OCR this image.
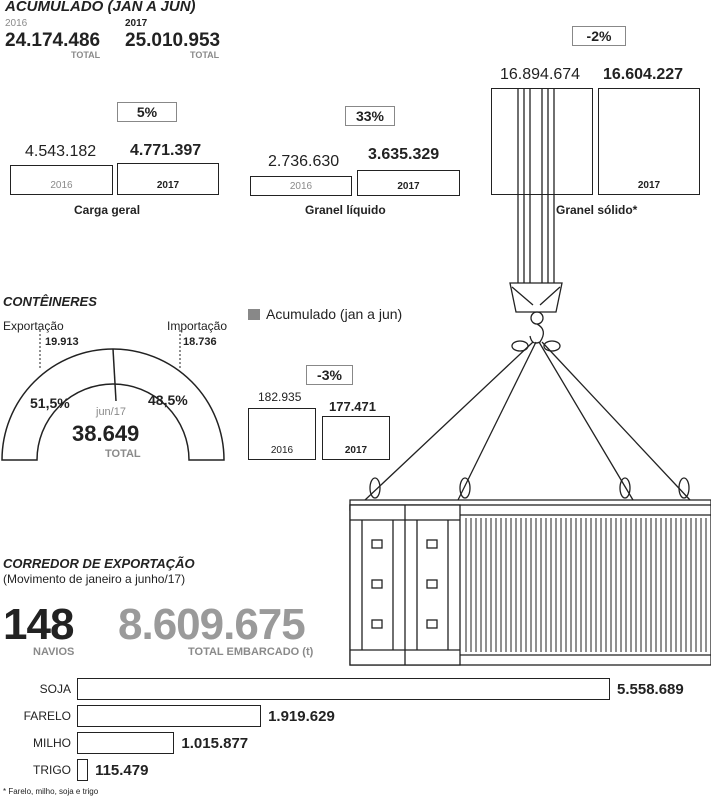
ACUMULADO (JAN A JUN)
2016
24.174.486
TOTAL
2017
25.010.953
TOTAL
5%
4.543.182 4.771.397
2016	2017
Carga geral
33%
2.736.630 3.635.329
2016	2017
Granel líquido
-2%
16.894.674 16.604.227
2017
Granel sólido*
CONTÊINERES
Exportação
19.913
Importação
18.736
51,5%	48,5%
jun/17
38.649
TOTAL
Acumulado (jan a jun)
-3%
182.935
177.471
2016	2017
CORREDOR DE EXPORTAÇÃO
(Movimento de janeiro a junho/17)
148
NAVIOS
8.609.675
TOTAL EMBARCADO (t)
SOJA	5.558.689
FARELO	1.919.629
MILHO	1.015.877
TRIGO 115.479
* Farelo, milho, soja e trigo
